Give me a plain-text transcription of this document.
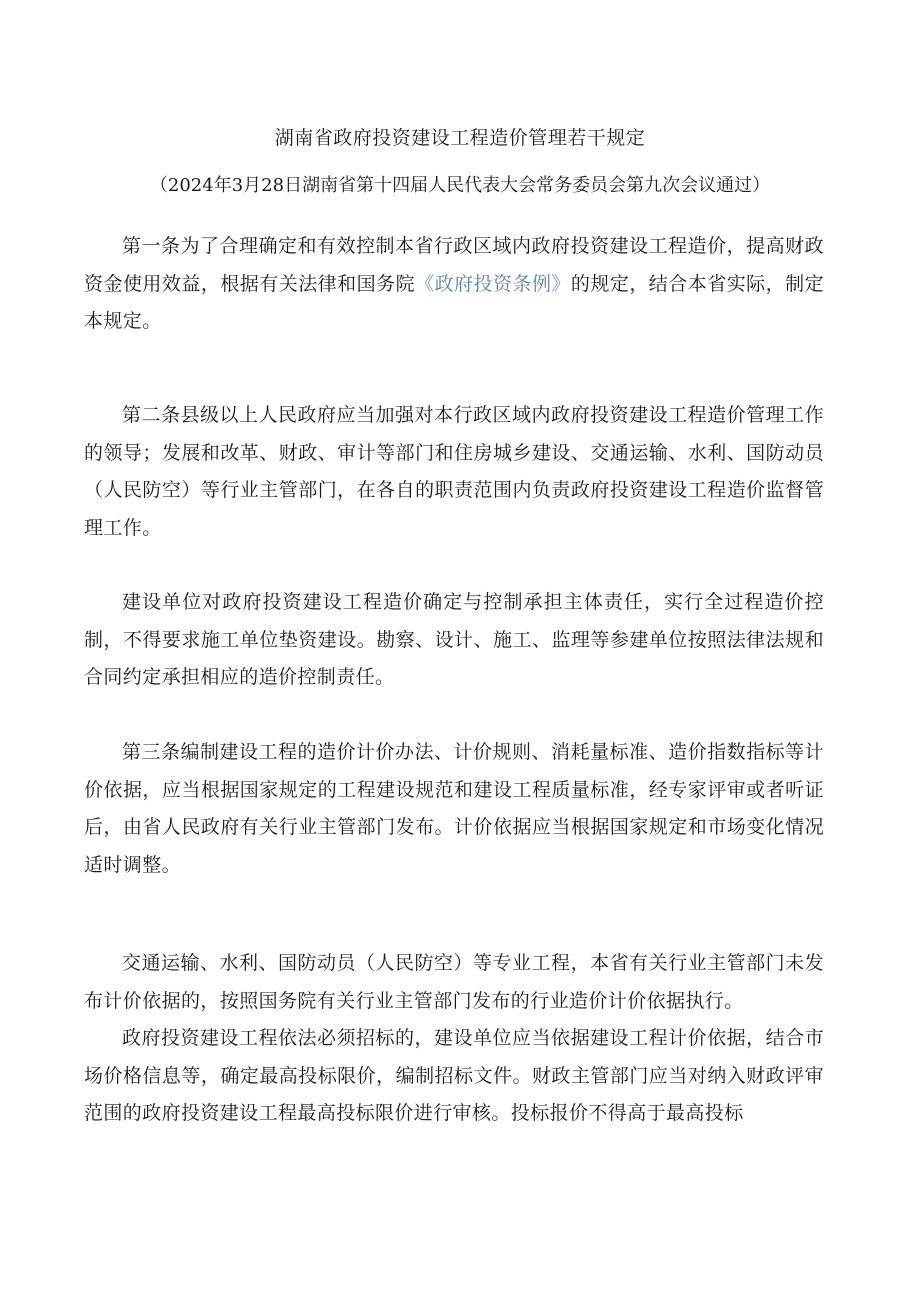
湖南省政府投资建设工程造价管理若干规定
（2024年3月28日湖南省第十四届人民代表大会常务委员会第九次会议通过）

第一条为了合理确定和有效控制本省行政区域内政府投资建设工程造价，提高财政资金使用效益，根据有关法律和国务院《政府投资条例》的规定，结合本省实际，制定本规定。

第二条县级以上人民政府应当加强对本行政区域内政府投资建设工程造价管理工作的领导；发展和改革、财政、审计等部门和住房城乡建设、交通运输、水利、国防动员（人民防空）等行业主管部门，在各自的职责范围内负责政府投资建设工程造价监督管理工作。

建设单位对政府投资建设工程造价确定与控制承担主体责任，实行全过程造价控制，不得要求施工单位垫资建设。勘察、设计、施工、监理等参建单位按照法律法规和合同约定承担相应的造价控制责任。

第三条编制建设工程的造价计价办法、计价规则、消耗量标准、造价指数指标等计价依据，应当根据国家规定的工程建设规范和建设工程质量标准，经专家评审或者听证后，由省人民政府有关行业主管部门发布。计价依据应当根据国家规定和市场变化情况适时调整。

交通运输、水利、国防动员（人民防空）等专业工程，本省有关行业主管部门未发布计价依据的，按照国务院有关行业主管部门发布的行业造价计价依据执行。

政府投资建设工程依法必须招标的，建设单位应当依据建设工程计价依据，结合市场价格信息等，确定最高投标限价，编制招标文件。财政主管部门应当对纳入财政评审范围的政府投资建设工程最高投标限价进行审核。投标报价不得高于最高投标
